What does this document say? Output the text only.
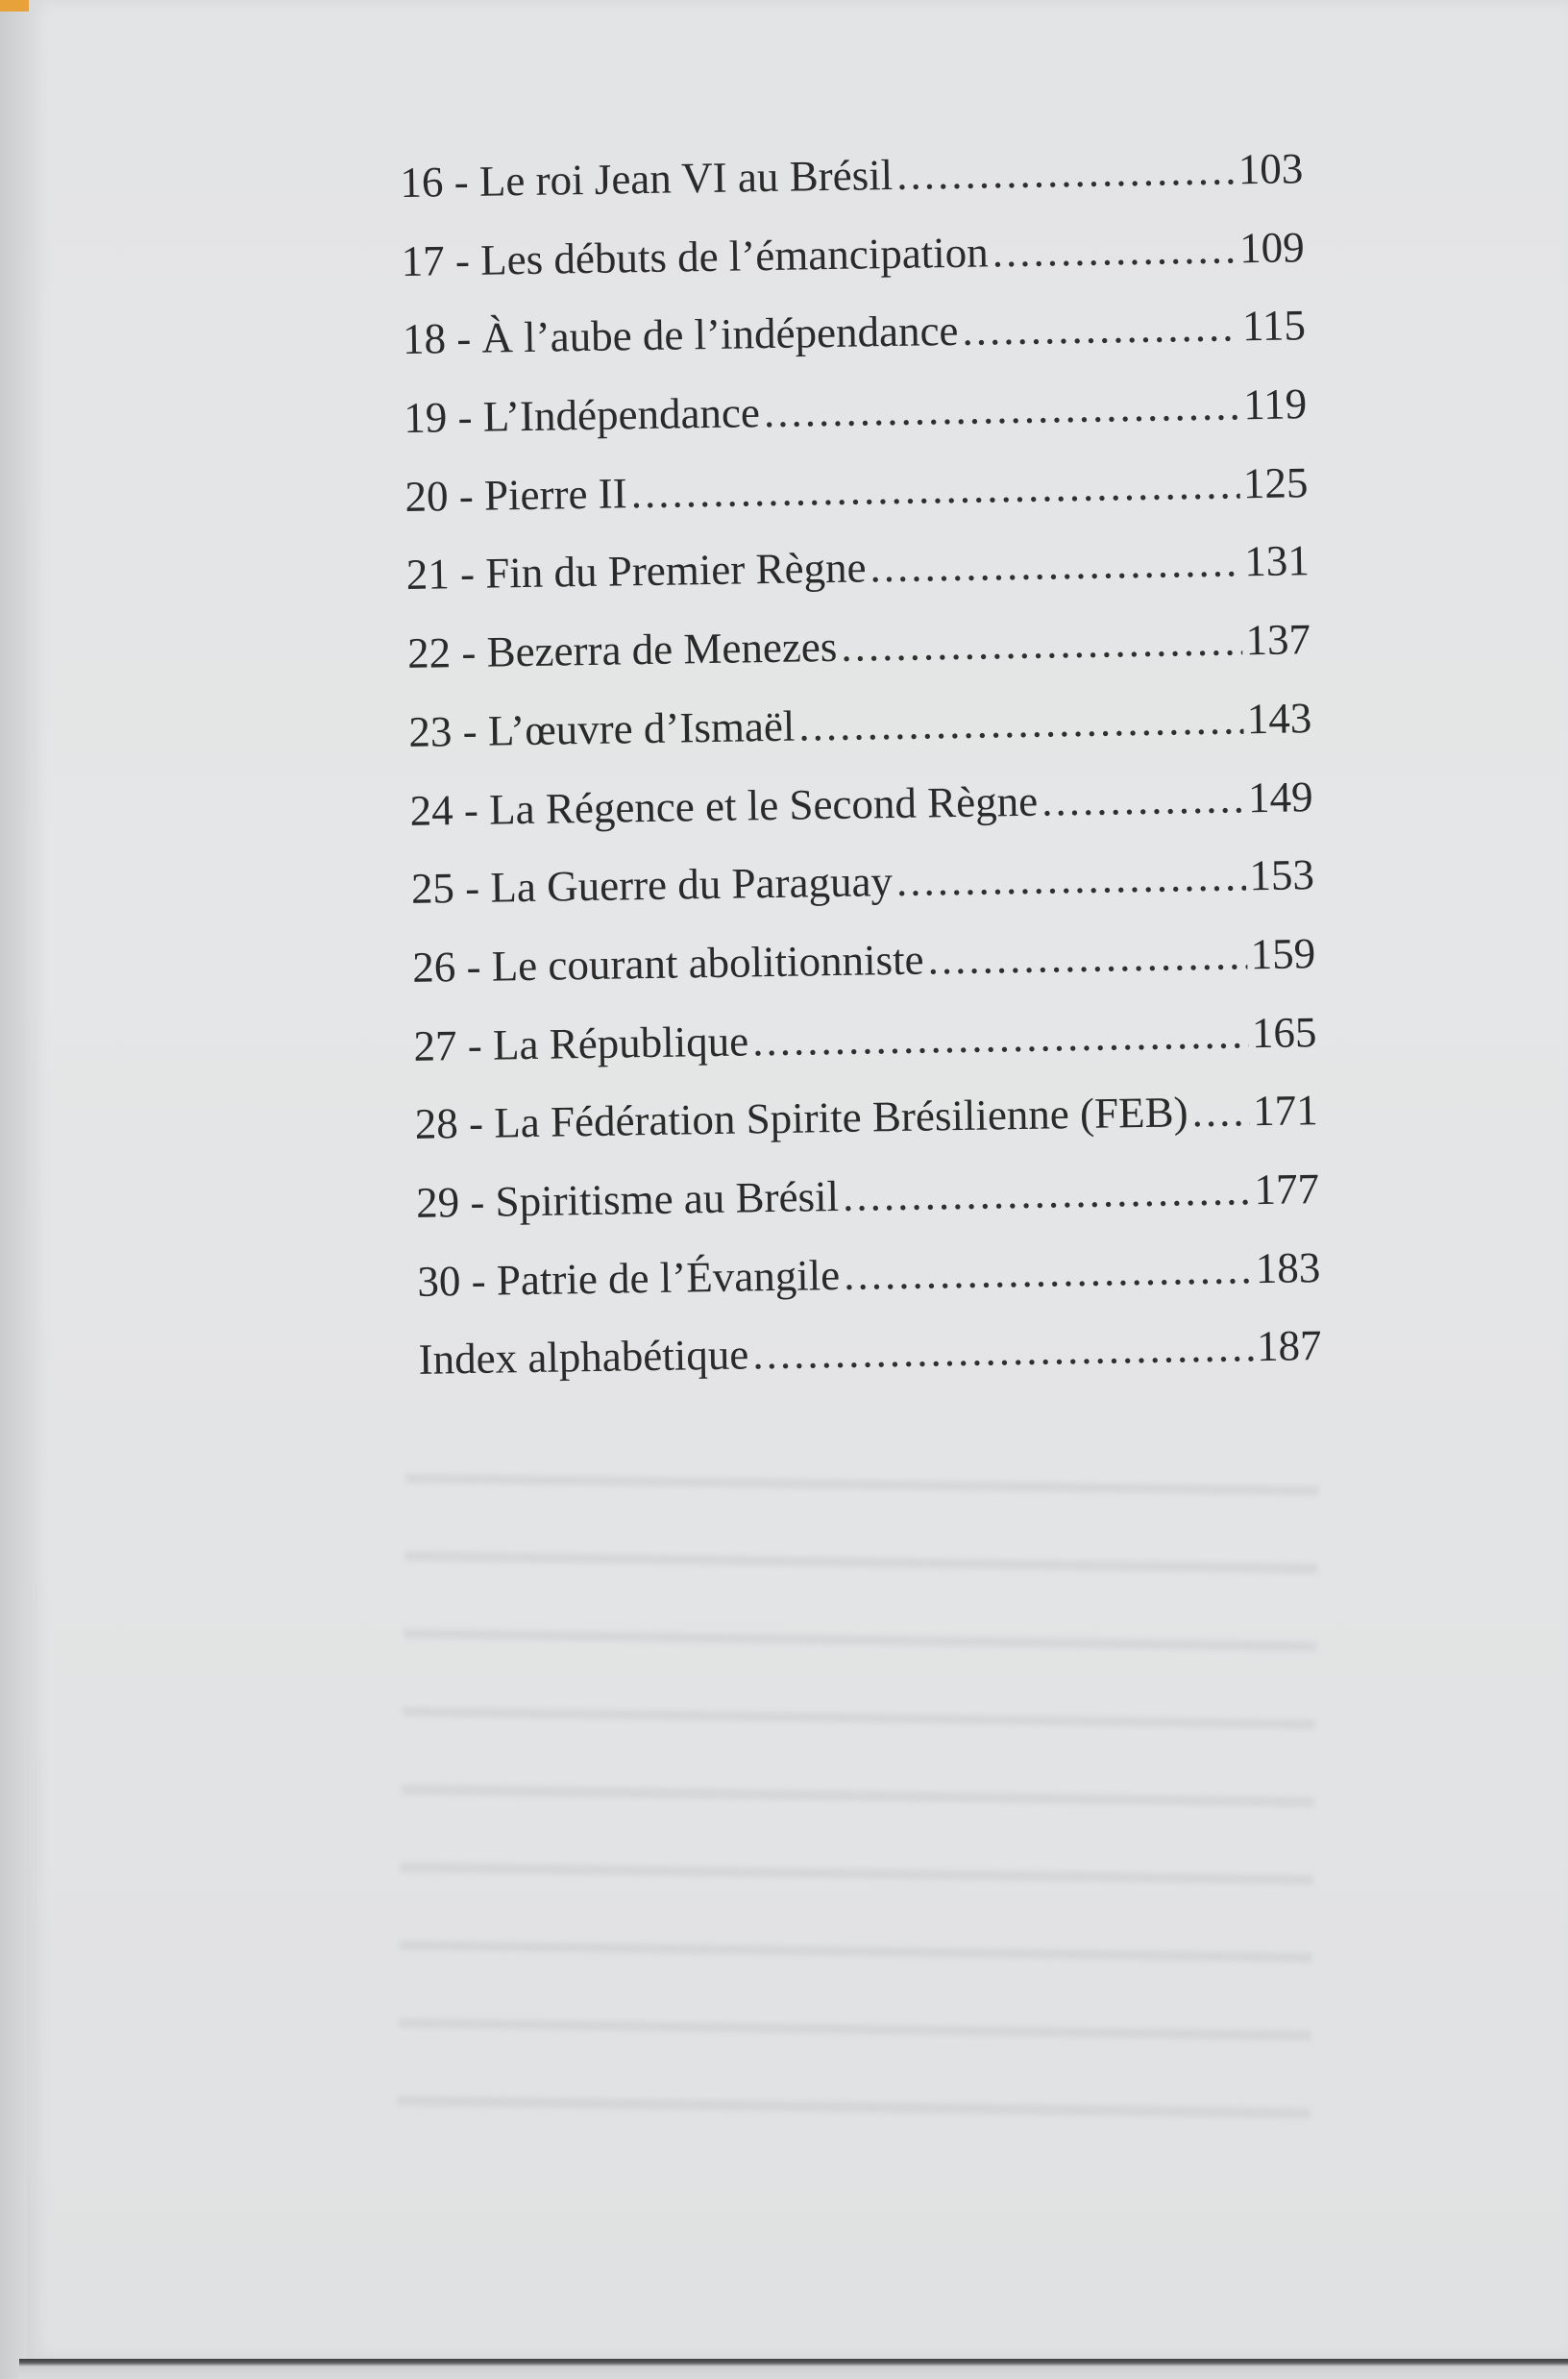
16 - Le roi Jean VI au Brésil .....	103
17 - Les débuts de l’émancipation .....	109
18 - À l’aube de l’indépendance .....	115
19 - L’Indépendance .....	119
20 - Pierre II .....	125
21 - Fin du Premier Règne .....	131
22 - Bezerra de Menezes .....	137
23 - L’œuvre d’Ismaël .....	143
24 - La Régence et le Second Règne .....	149
25 - La Guerre du Paraguay .....	153
26 - Le courant abolitionniste .....	159
27 - La République .....	165
28 - La Fédération Spirite Brésilienne (FEB) ..... 171
29 - Spiritisme au Brésil .....	177
30 - Patrie de l’Évangile .....	183
Index alphabétique .....	187
